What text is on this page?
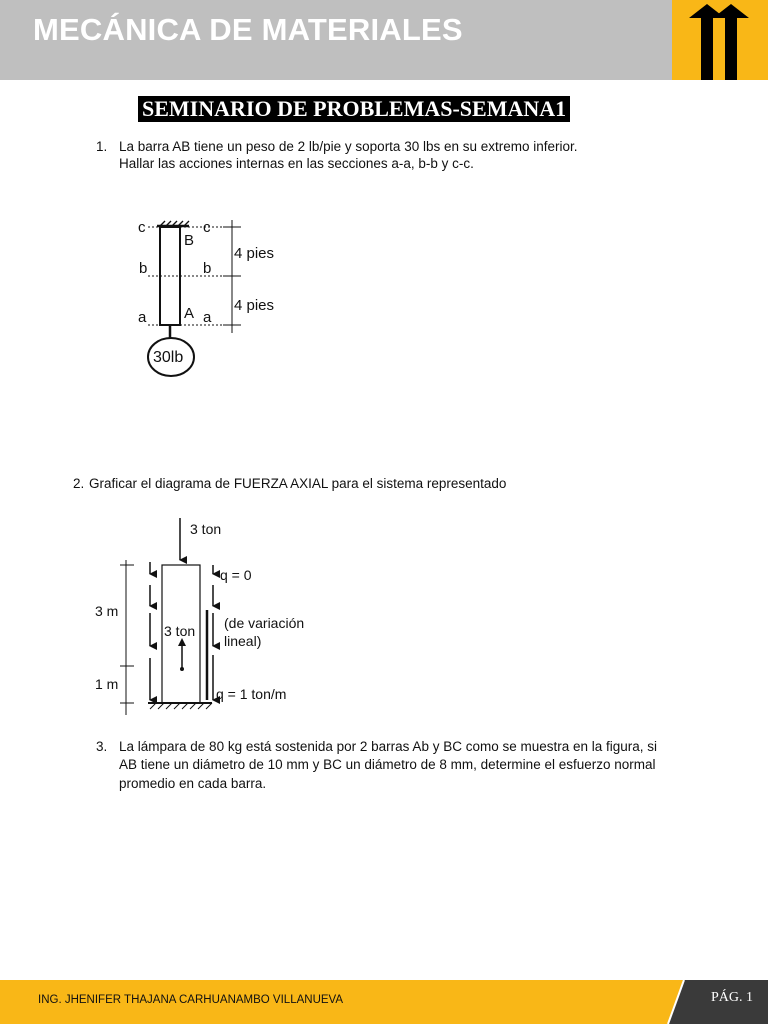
MECÁNICA DE MATERIALES
SEMINARIO DE PROBLEMAS-SEMANA1
1. La barra AB tiene un peso de 2 lb/pie y soporta 30 lbs en su extremo inferior.
Hallar las acciones internas en las secciones a-a, b-b y c-c.
c	c
B
b	b
a	A a
4 pies
4 pies
30lb
2. Graficar el diagrama de FUERZA AXIAL para el sistema representado
3 ton
q = 0
3 m
3 ton (de variación
lineal)
1 m
q = 1 ton/m
3. La lámpara de 80 kg está sostenida por 2 barras Ab y BC como se muestra en la figura, si
AB tiene un diámetro de 10 mm y BC un diámetro de 8 mm, determine el esfuerzo normal
promedio en cada barra.
ING. JHENIFER THAJANA CARHUANAMBO VILLANUEVA	PÁG. 1
